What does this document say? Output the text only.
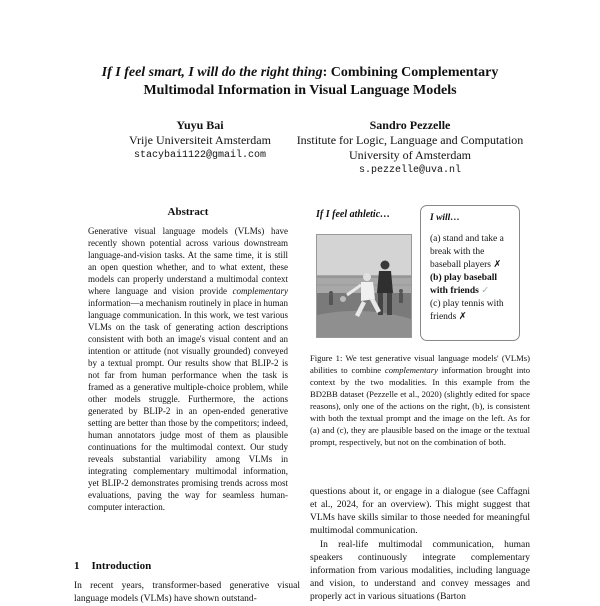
If I feel smart, I will do the right thing: Combining Complementary
Multimodal Information in Visual Language Models
Yuyu Bai
Vrije Universiteit Amsterdam
stacybai1122@gmail.com
Sandro Pezzelle
Institute for Logic, Language and Computation
University of Amsterdam
s.pezzelle@uva.nl
Abstract
Generative visual language models (VLMs) have recently shown potential across various downstream language-and-vision tasks. At the same time, it is still an open question whether, and to what extent, these models can properly understand a multimodal context where language and vision provide complementary information—a mechanism routinely in place in human language communication. In this work, we test various VLMs on the task of generating action descriptions consistent with both an image's visual content and an intention or attitude (not visually grounded) conveyed by a textual prompt. Our results show that BLIP-2 is not far from human performance when the task is framed as a generative multiple-choice problem, while other models struggle. Furthermore, the actions generated by BLIP-2 in an open-ended generative setting are better than those by the competitors; indeed, human annotators judge most of them as plausible continuations for the multimodal context. Our study reveals substantial variability among VLMs in integrating complementary multimodal information, yet BLIP-2 demonstrates promising trends across most evaluations, paving the way for seamless human-computer interaction.
1 Introduction
In recent years, transformer-based generative visual language models (VLMs) have shown outstand-
If I feel athletic…	I will…
(a) stand and take a break with the baseball players ✗
(b) play baseball with friends ✓
(c) play tennis with friends ✗
Figure 1: We test generative visual language models' (VLMs) abilities to combine complementary information brought into context by the two modalities. In this example from the BD2BB dataset (Pezzelle et al., 2020) (slightly edited for space reasons), only one of the actions on the right, (b), is consistent with both the textual prompt and the image on the left. As for (a) and (c), they are plausible based on the image or the textual prompt, respectively, but not on the combination of both.

questions about it, or engage in a dialogue (see Caffagni et al., 2024, for an overview). This might suggest that VLMs have skills similar to those needed for meaningful multimodal communication.

In real-life multimodal communication, human speakers continuously integrate complementary information from various modalities, including language and vision, to understand and convey messages and properly act in various situations (Barton
